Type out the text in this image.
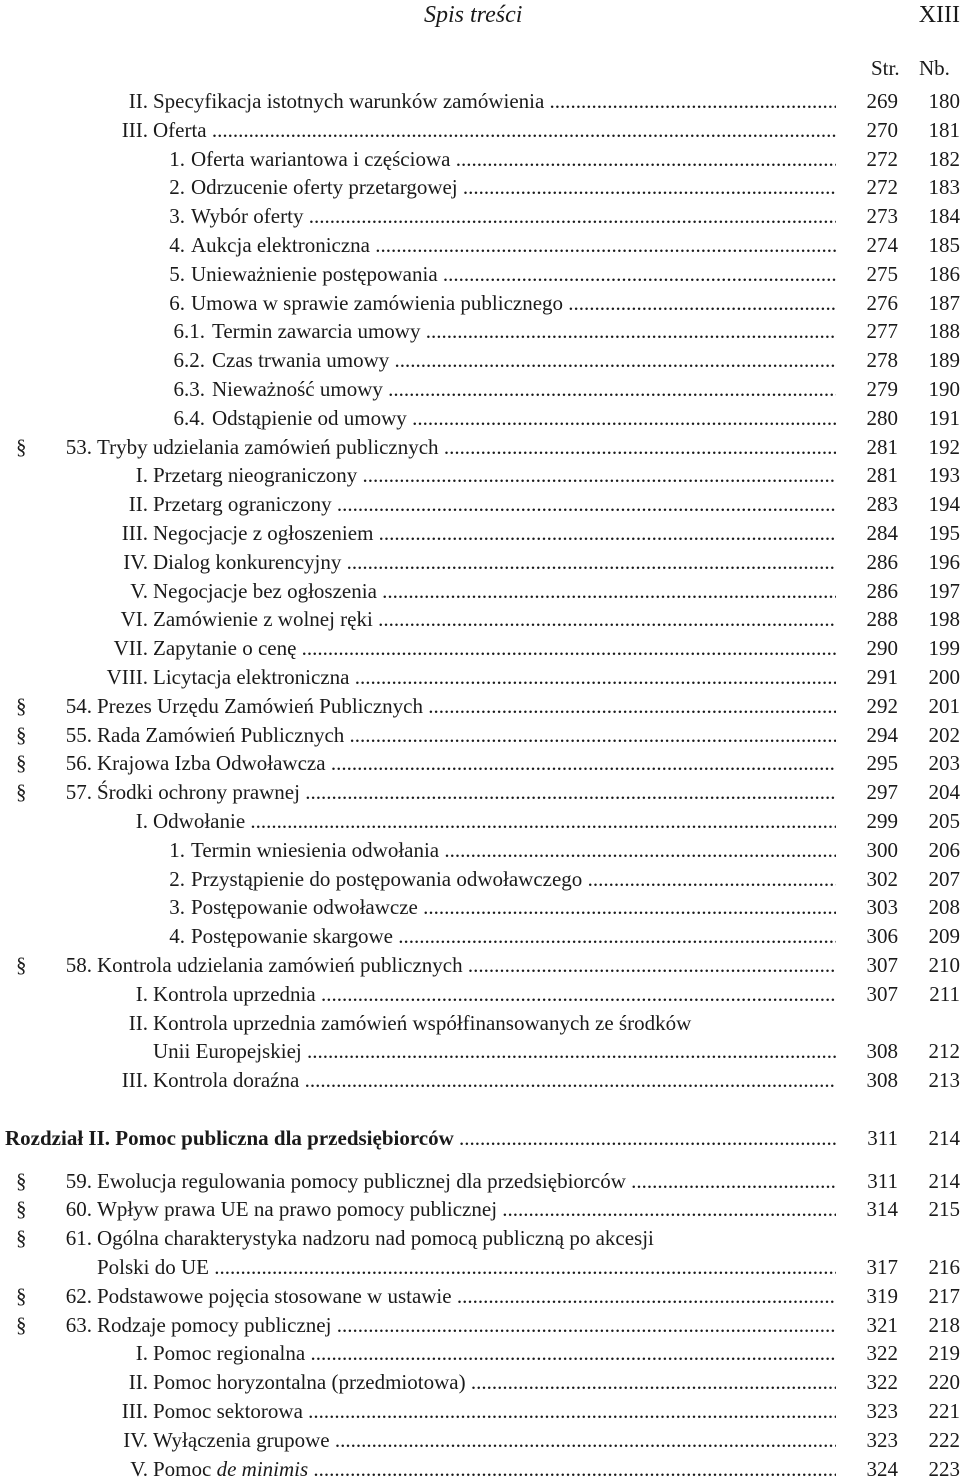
Spis treści	XIII
Str. Nb.
II. Specyfikacja istotnych warunków zamówienia .....	269	180
III. Oferta .....	270	181
1. Oferta wariantowa i częściowa .....	272	182
2. Odrzucenie oferty przetargowej .....	272	183
3. Wybór oferty .....	273	184
4. Aukcja elektroniczna .....	274	185
5. Unieważnienie postępowania .....	275	186
6. Umowa w sprawie zamówienia publicznego .....	276	187
6.1. Termin zawarcia umowy .....	277	188
6.2. Czas trwania umowy .....	278	189
6.3. Nieważność umowy .....	279	190
6.4. Odstąpienie od umowy .....	280	191
§ 53. Tryby udzielania zamówień publicznych .....	281	192
I. Przetarg nieograniczony .....	281	193
II. Przetarg ograniczony .....	283	194
III. Negocjacje z ogłoszeniem .....	284	195
IV. Dialog konkurencyjny .....	286	196
V. Negocjacje bez ogłoszenia .....	286	197
VI. Zamówienie z wolnej ręki .....	288	198
VII. Zapytanie o cenę .....	290	199
VIII. Licytacja elektroniczna .....	291	200
§ 54. Prezes Urzędu Zamówień Publicznych .....	292	201
§ 55. Rada Zamówień Publicznych .....	294	202
§ 56. Krajowa Izba Odwoławcza .....	295	203
§ 57. Środki ochrony prawnej .....	297	204
I. Odwołanie .....	299	205
1. Termin wniesienia odwołania .....	300	206
2. Przystąpienie do postępowania odwoławczego .....	302	207
3. Postępowanie odwoławcze .....	303	208
4. Postępowanie skargowe .....	306	209
§ 58. Kontrola udzielania zamówień publicznych .....	307	210
I. Kontrola uprzednia .....	307	211
II. Kontrola uprzednia zamówień współfinansowanych ze środków
Unii Europejskiej .....	308	212
III. Kontrola doraźna .....	308	213
Rozdział II. Pomoc publiczna dla przedsiębiorców .....	311	214
§ 59. Ewolucja regulowania pomocy publicznej dla przedsiębiorców .....	311	214
§ 60. Wpływ prawa UE na prawo pomocy publicznej .....	314	215
§ 61. Ogólna charakterystyka nadzoru nad pomocą publiczną po akcesji
Polski do UE .....	317	216
§ 62. Podstawowe pojęcia stosowane w ustawie .....	319	217
§ 63. Rodzaje pomocy publicznej .....	321	218
I. Pomoc regionalna .....	322	219
II. Pomoc horyzontalna (przedmiotowa) .....	322	220
III. Pomoc sektorowa .....	323	221
IV. Wyłączenia grupowe .....	323	222
V. Pomoc de minimis .....	324	223
